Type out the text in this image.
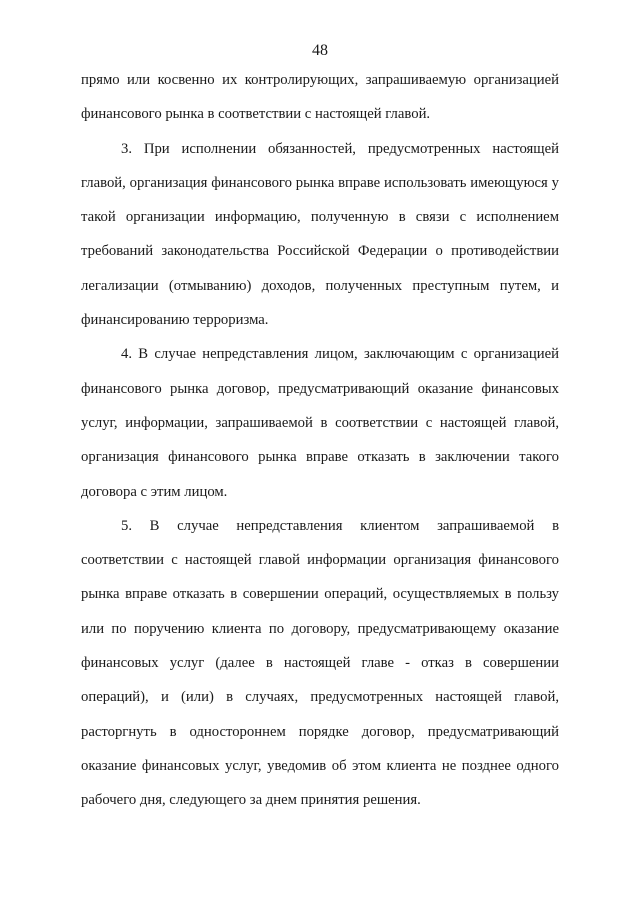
48

прямо или косвенно их контролирующих, запрашиваемую организацией финансового рынка в соответствии с настоящей главой.

3. При исполнении обязанностей, предусмотренных настоящей главой, организация финансового рынка вправе использовать имеющуюся у такой организации информацию, полученную в связи с исполнением требований законодательства Российской Федерации о противодействии легализации (отмыванию) доходов, полученных преступным путем, и финансированию терроризма.

4. В случае непредставления лицом, заключающим с организацией финансового рынка договор, предусматривающий оказание финансовых услуг, информации, запрашиваемой в соответствии с настоящей главой, организация финансового рынка вправе отказать в заключении такого договора с этим лицом.

5. В случае непредставления клиентом запрашиваемой в соответствии с настоящей главой информации организация финансового рынка вправе отказать в совершении операций, осуществляемых в пользу или по поручению клиента по договору, предусматривающему оказание финансовых услуг (далее в настоящей главе - отказ в совершении операций), и (или) в случаях, предусмотренных настоящей главой, расторгнуть в одностороннем порядке договор, предусматривающий оказание финансовых услуг, уведомив об этом клиента не позднее одного рабочего дня, следующего за днем принятия решения.
